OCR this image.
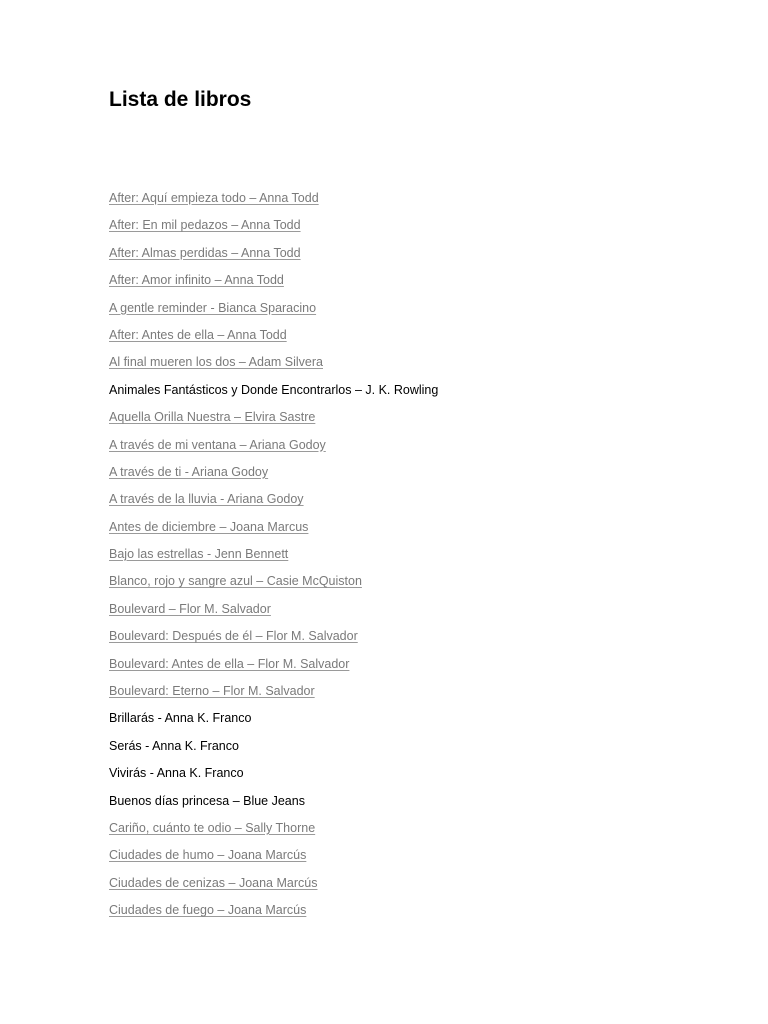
Lista de libros
After: Aquí empieza todo – Anna Todd
After: En mil pedazos – Anna Todd
After: Almas perdidas – Anna Todd
After: Amor infinito – Anna Todd
A gentle reminder - Bianca Sparacino
After: Antes de ella – Anna Todd
Al final mueren los dos – Adam Silvera
Animales Fantásticos y Donde Encontrarlos – J. K. Rowling
Aquella Orilla Nuestra – Elvira Sastre
A través de mi ventana – Ariana Godoy
A través de ti - Ariana Godoy
A través de la lluvia - Ariana Godoy
Antes de diciembre – Joana Marcus
Bajo las estrellas - Jenn Bennett
Blanco, rojo y sangre azul – Casie McQuiston
Boulevard – Flor M. Salvador
Boulevard: Después de él – Flor M. Salvador
Boulevard: Antes de ella – Flor M. Salvador
Boulevard: Eterno – Flor M. Salvador
Brillarás - Anna K. Franco
Serás - Anna K. Franco
Vivirás - Anna K. Franco
Buenos días princesa – Blue Jeans
Cariño, cuánto te odio – Sally Thorne
Ciudades de humo – Joana Marcús
Ciudades de cenizas – Joana Marcús
Ciudades de fuego – Joana Marcús
